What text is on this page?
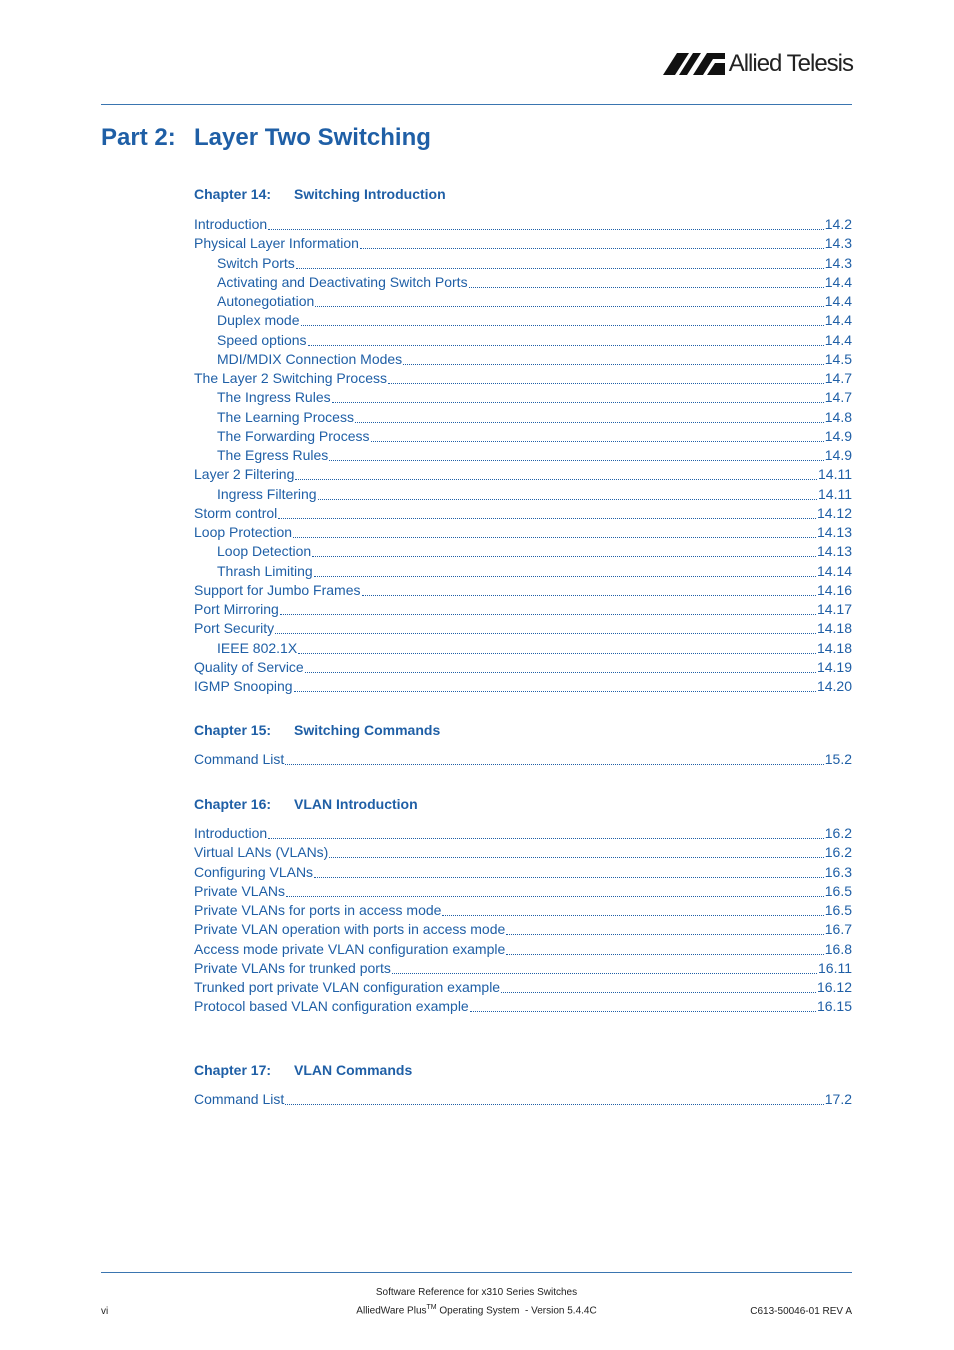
Allied Telesis
Part 2: Layer Two Switching
Chapter 14: Switching Introduction
Introduction	14.2
Physical Layer Information	14.3
Switch Ports	14.3
Activating and Deactivating Switch Ports	14.4
Autonegotiation	14.4
Duplex mode	14.4
Speed options	14.4
MDI/MDIX Connection Modes	14.5
The Layer 2 Switching Process	14.7
The Ingress Rules	14.7
The Learning Process	14.8
The Forwarding Process	14.9
The Egress Rules	14.9
Layer 2 Filtering	14.11
Ingress Filtering	14.11
Storm control	14.12
Loop Protection	14.13
Loop Detection	14.13
Thrash Limiting	14.14
Support for Jumbo Frames	14.16
Port Mirroring	14.17
Port Security	14.18
IEEE 802.1X	14.18
Quality of Service	14.19
IGMP Snooping	14.20
Chapter 15: Switching Commands
Command List	15.2
Chapter 16: VLAN Introduction
Introduction	16.2
Virtual LANs (VLANs)	16.2
Configuring VLANs	16.3
Private VLANs	16.5
Private VLANs for ports in access mode	16.5
Private VLAN operation with ports in access mode	16.7
Access mode private VLAN configuration example	16.8
Private VLANs for trunked ports	16.11
Trunked port private VLAN configuration example	16.12
Protocol based VLAN configuration example	16.15
Chapter 17: VLAN Commands
Command List	17.2
Software Reference for x310 Series Switches
vi	AlliedWare Plus™ Operating System  - Version 5.4.4C	C613-50046-01 REV A
